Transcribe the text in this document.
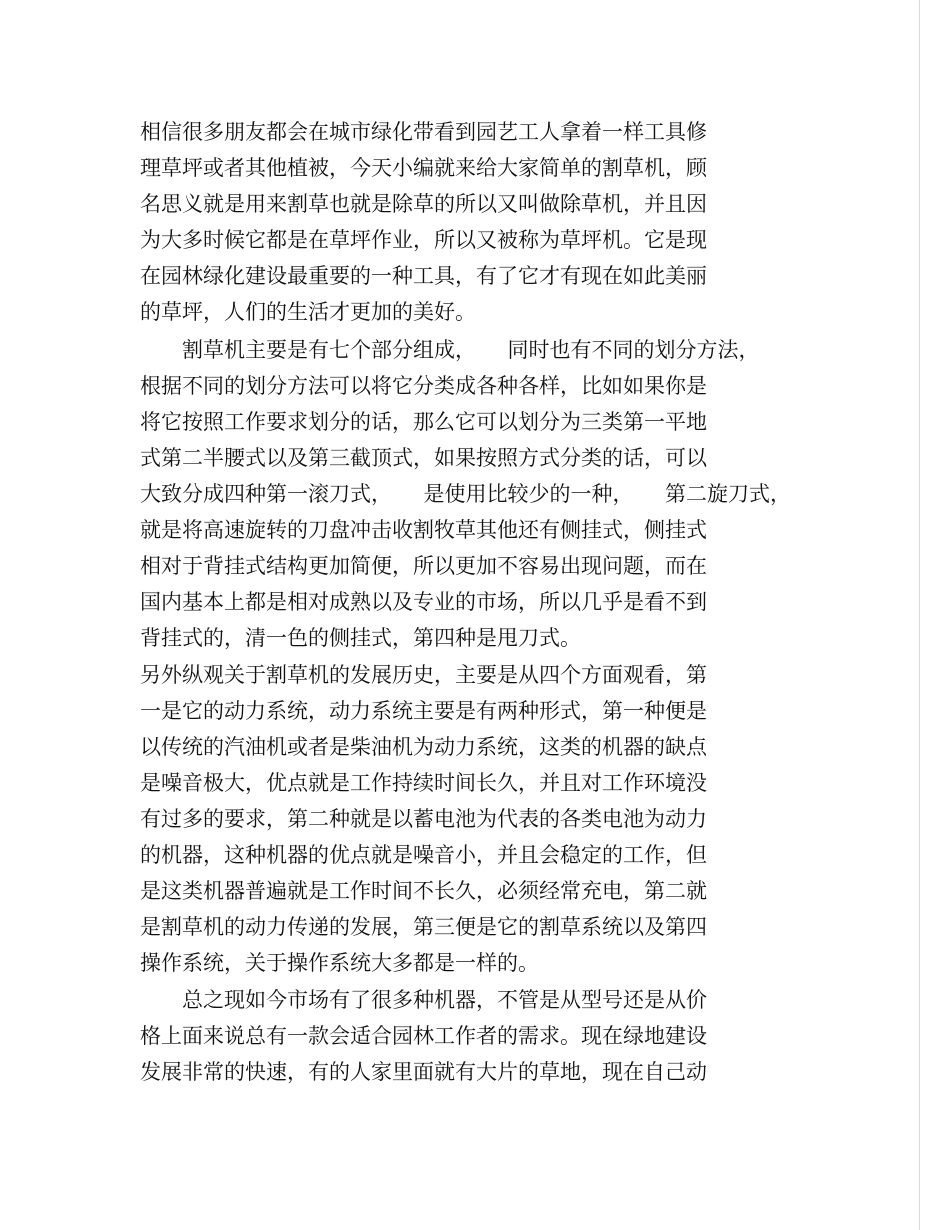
相信很多朋友都会在城市绿化带看到园艺工人拿着一样工具修

理草坪或者其他植被，今天小编就来给大家简单的割草机，顾

名思义就是用来割草也就是除草的所以又叫做除草机，并且因

为大多时候它都是在草坪作业，所以又被称为草坪机。它是现

在园林绿化建设最重要的一种工具，有了它才有现在如此美丽

的草坪，人们的生活才更加的美好。

　　割草机主要是有七个部分组成，　　同时也有不同的划分方法，

根据不同的划分方法可以将它分类成各种各样，比如如果你是

将它按照工作要求划分的话，那么它可以划分为三类第一平地

式第二半腰式以及第三截顶式，如果按照方式分类的话，可以

大致分成四种第一滚刀式，　　是使用比较少的一种，　　第二旋刀式，

就是将高速旋转的刀盘冲击收割牧草其他还有侧挂式，侧挂式

相对于背挂式结构更加简便，所以更加不容易出现问题，而在

国内基本上都是相对成熟以及专业的市场，所以几乎是看不到

背挂式的，清一色的侧挂式，第四种是甩刀式。

另外纵观关于割草机的发展历史，主要是从四个方面观看，第

一是它的动力系统，动力系统主要是有两种形式，第一种便是

以传统的汽油机或者是柴油机为动力系统，这类的机器的缺点

是噪音极大，优点就是工作持续时间长久，并且对工作环境没

有过多的要求，第二种就是以蓄电池为代表的各类电池为动力

的机器，这种机器的优点就是噪音小，并且会稳定的工作，但

是这类机器普遍就是工作时间不长久，必须经常充电，第二就

是割草机的动力传递的发展，第三便是它的割草系统以及第四

操作系统，关于操作系统大多都是一样的。

　　总之现如今市场有了很多种机器，不管是从型号还是从价

格上面来说总有一款会适合园林工作者的需求。现在绿地建设

发展非常的快速，有的人家里面就有大片的草地，现在自己动
